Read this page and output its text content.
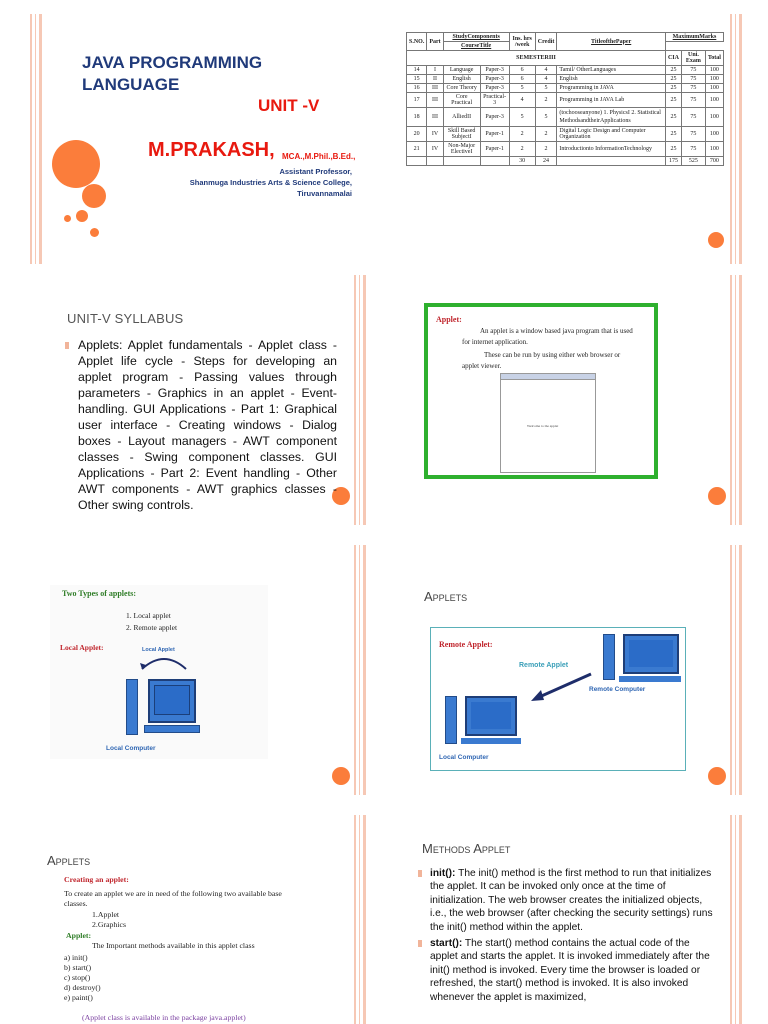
JAVA PROGRAMMING LANGUAGE
UNIT -V
M.PRAKASH, MCA.,M.Phil.,B.Ed.,
Assistant Professor,
Shanmuga Industries Arts & Science College,
Tiruvannamalai
S.NO.	Part	StudyComponents		Ins. hrs /week	Credit	TitleofthePaper	MaximumMarks		
		CourseTitle							
SEMESTERIII							CIA	Uni. Exam	Total
14	I	Language	Paper-3	6	4	Tamil/ OtherLanguages	25	75	100
15	II	English	Paper-3	6	4	English	25	75	100
16	III	Core Theory	Paper-3	5	5	Programming in JAVA	25	75	100
17	III	Core Practical	Practical-3	4	2	Programming in JAVA Lab	25	75	100
18	III	AlliedII	Paper-3	5	5	(tochooseanyone) 1. PhysicsI 2. Statistical MethodsandtheirApplications	25	75	100
20	IV	Skill Based SubjectI	Paper-1	2	2	Digital Logic Design and Computer Organization	25	75	100
21	IV	Non-Major ElectiveI	Paper-1	2	2	Introductionto InformationTechnology	25	75	100
				30	24		175	525	700
UNIT-V SYLLABUS

Applets: Applet fundamentals - Applet class - Applet life cycle - Steps for developing an applet program - Passing values through parameters - Graphics in an applet - Event-handling. GUI Applications - Part 1: Graphical user interface - Creating windows - Dialog boxes - Layout managers - AWT component classes - Swing component classes. GUI Applications - Part 2: Event handling - Other AWT components - AWT graphics classes - Other swing controls.

Applet:
An applet is a window based java program that is used
for internet application.
These can be run by using either web browser or
applet viewer.
Welcome to the applet
Two Types of applets:
1. Local applet
2. Remote applet
Local Applet:	Local Applet
Local Computer
Applets
Remote Applet:
Remote Applet
Remote Computer
Local Computer
Applets
Creating an applet:
To create an applet we are in need of the following two available base classes.
1.Applet
2.Graphics
Applet:
The Important methods available in this applet class
a) init()
b) start()
c) stop()
d) destroy()
e) paint()
(Applet class is available in the package java.applet)
Methods Applet
init(): The init() method is the first method to run that initializes the applet. It can be invoked only once at the time of initialization. The web browser creates the initialized objects, i.e., the web browser (after checking the security settings) runs the init() method within the applet.
start(): The start() method contains the actual code of the applet and starts the applet. It is invoked immediately after the init() method is invoked. Every time the browser is loaded or refreshed, the start() method is invoked. It is also invoked whenever the applet is maximized,
